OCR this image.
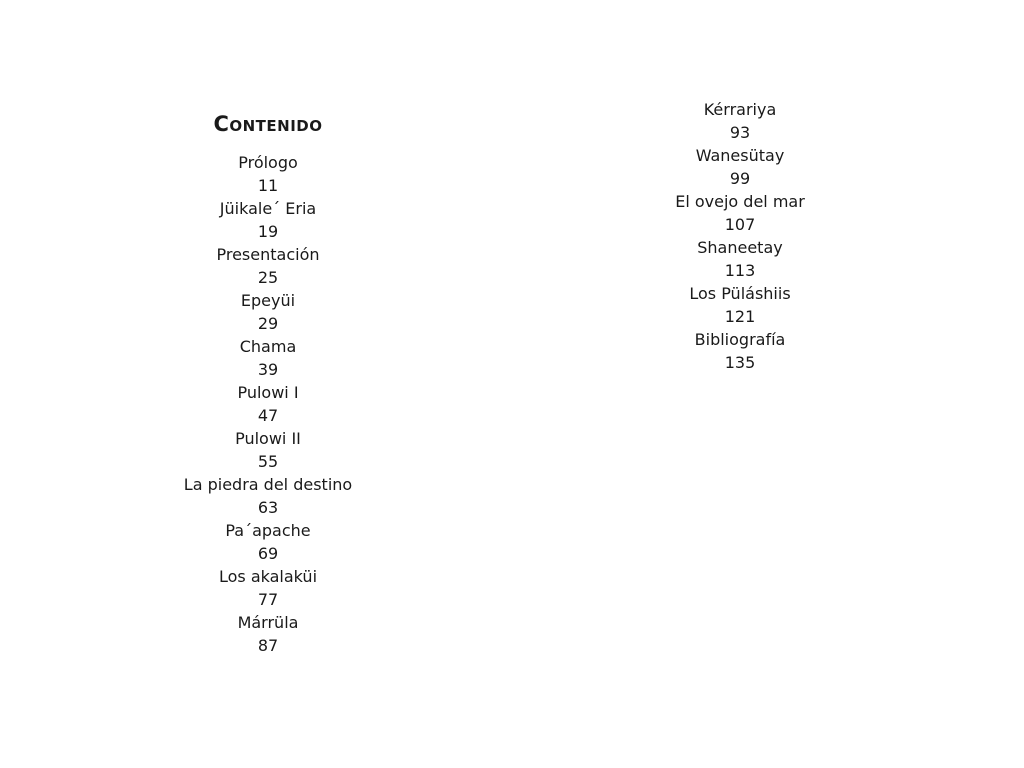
Contenido
Prólogo
11
Jüikale´ Eria
19
Presentación
25
Epeyüi
29
Chama
39
Pulowi I
47
Pulowi II
55
La piedra del destino
63
Pa´apache
69
Los akalaküi
77
Márrüla
87
Kérrariya
93
Wanesütay
99
El ovejo del mar
107
Shaneetay
113
Los Püláshiis
121
Bibliografía
135
